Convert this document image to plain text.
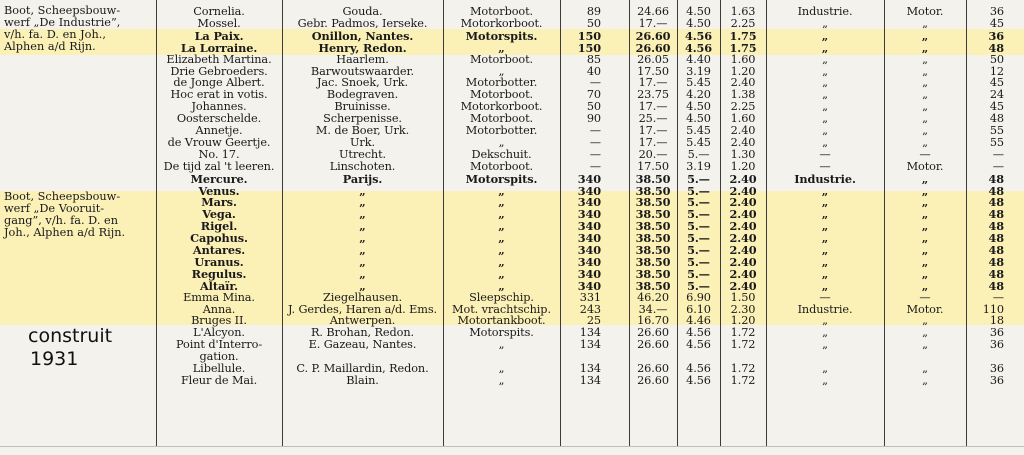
Boot, Scheepsbouw-
werf „De Industrie”,
v/h. fa. D. en Joh.,
Alphen a/d Rijn.
Boot, Scheepsbouw-
werf „De Vooruit-
gang”, v/h. fa. D. en
Joh., Alphen a/d Rijn.
construit
1931
Cornelia.	Gouda.	Motorboot.	89	24.66	4.50	1.63	Industrie.	Motor.	36
Mossel.	Gebr. Padmos, Ierseke.	Motorkorboot.	50	17.—	4.50	2.25	„	„	45
La Paix.	Onillon, Nantes.	Motorspits.	150	26.60	4.56	1.75	„	„	36
La Lorraine.	Henry, Redon.	„	150	26.60	4.56	1.75	„	„	48
Elizabeth Martina.	Haarlem.	Motorboot.	85	26.05	4.40	1.60	„	„	50
Drie Gebroeders.	Barwoutswaarder.	„	40	17.50	3.19	1.20	„	„	12
de Jonge Albert.	Jac. Snoek, Urk.	Motorbotter.	—	17.—	5.45	2.40	„	„	45
Hoc erat in votis.	Bodegraven.	Motorboot.	70	23.75	4.20	1.38	„	„	24
Johannes.	Bruinisse.	Motorkorboot.	50	17.—	4.50	2.25	„	„	45
Oosterschelde.	Scherpenisse.	Motorboot.	90	25.—	4.50	1.60	„	„	48
Annetje.	M. de Boer, Urk.	Motorbotter.	—	17.—	5.45	2.40	„	„	55
de Vrouw Geertje.	Urk.	„	—	17.—	5.45	2.40	„	„	55
No. 17.	Utrecht.	Dekschuit.	—	20.—	5.—	1.30	—	—	—
De tijd zal 't leeren.	Linschoten.	Motorboot.	—	17.50	3.19	1.20	—	Motor.	—
Mercure.	Parijs.	Motorspits.	340	38.50	5.—	2.40	Industrie.	„	48
Venus.	„	„	340	38.50	5.—	2.40	„	„	48
Mars.	„	„	340	38.50	5.—	2.40	„	„	48
Vega.	„	„	340	38.50	5.—	2.40	„	„	48
Rigel.	„	„	340	38.50	5.—	2.40	„	„	48
Capohus.	„	„	340	38.50	5.—	2.40	„	„	48
Antares.	„	„	340	38.50	5.—	2.40	„	„	48
Uranus.	„	„	340	38.50	5.—	2.40	„	„	48
Regulus.	„	„	340	38.50	5.—	2.40	„	„	48
Altaïr.	„	„	340	38.50	5.—	2.40	„	„	48
Emma Mina.	Ziegelhausen.	Sleepschip.	331	46.20	6.90	1.50	—	—	—
Anna.	J. Gerdes, Haren a/d. Ems.	Mot. vrachtschip.	243	34.—	6.10	2.30	Industrie.	Motor.	110
Bruges II.	Antwerpen.	Motortankboot.	25	16.70	4.46	1.20	„	„	18
L'Alcyon.	R. Brohan, Redon.	Motorspits.	134	26.60	4.56	1.72	„	„	36
Point d'Interro-	E. Gazeau, Nantes.	„	134	26.60	4.56	1.72	„	„	36
gation.
Libellule.	C. P. Maillardin, Redon.	„	134	26.60	4.56	1.72	„	„	36
Fleur de Mai.	Blain.	„	134	26.60	4.56	1.72	„	„	36
